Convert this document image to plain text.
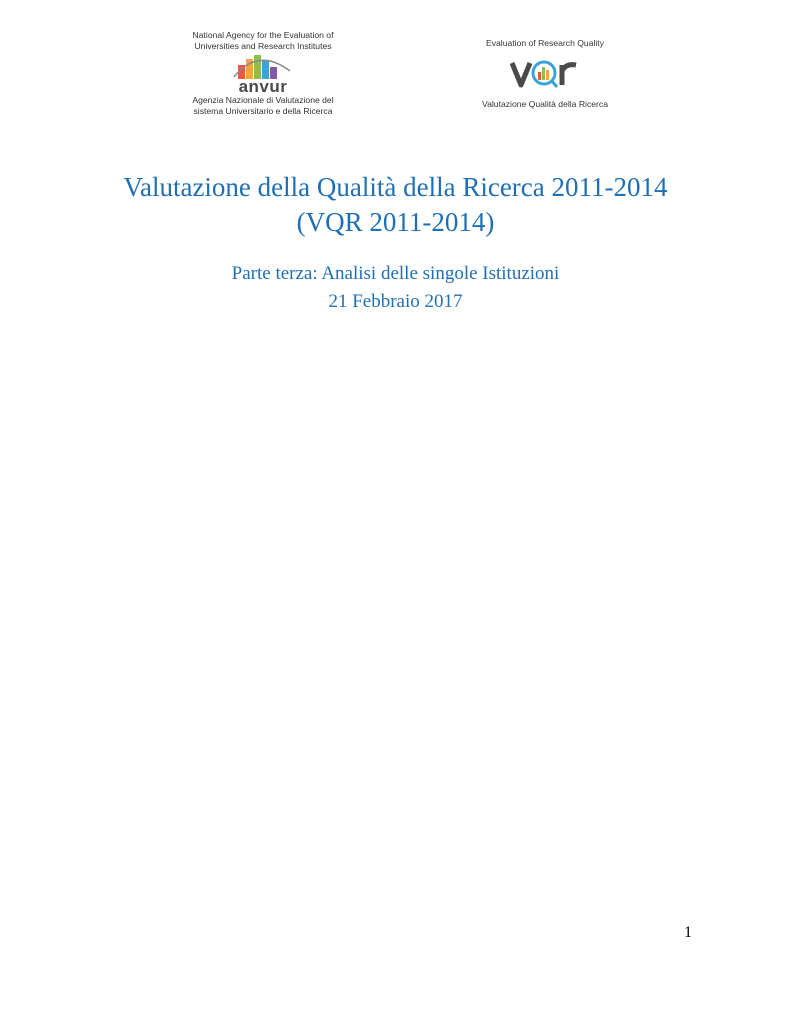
National Agency for the Evaluation of
Universities and Research Institutes
anvur
Agenzia Nazionale di Valutazione del
sistema Universitario e della Ricerca
Evaluation of Research Quality
Valutazione Qualità della Ricerca
Valutazione della Qualità della Ricerca 2011-2014
(VQR 2011-2014)
Parte terza: Analisi delle singole Istituzioni
21 Febbraio 2017
1
